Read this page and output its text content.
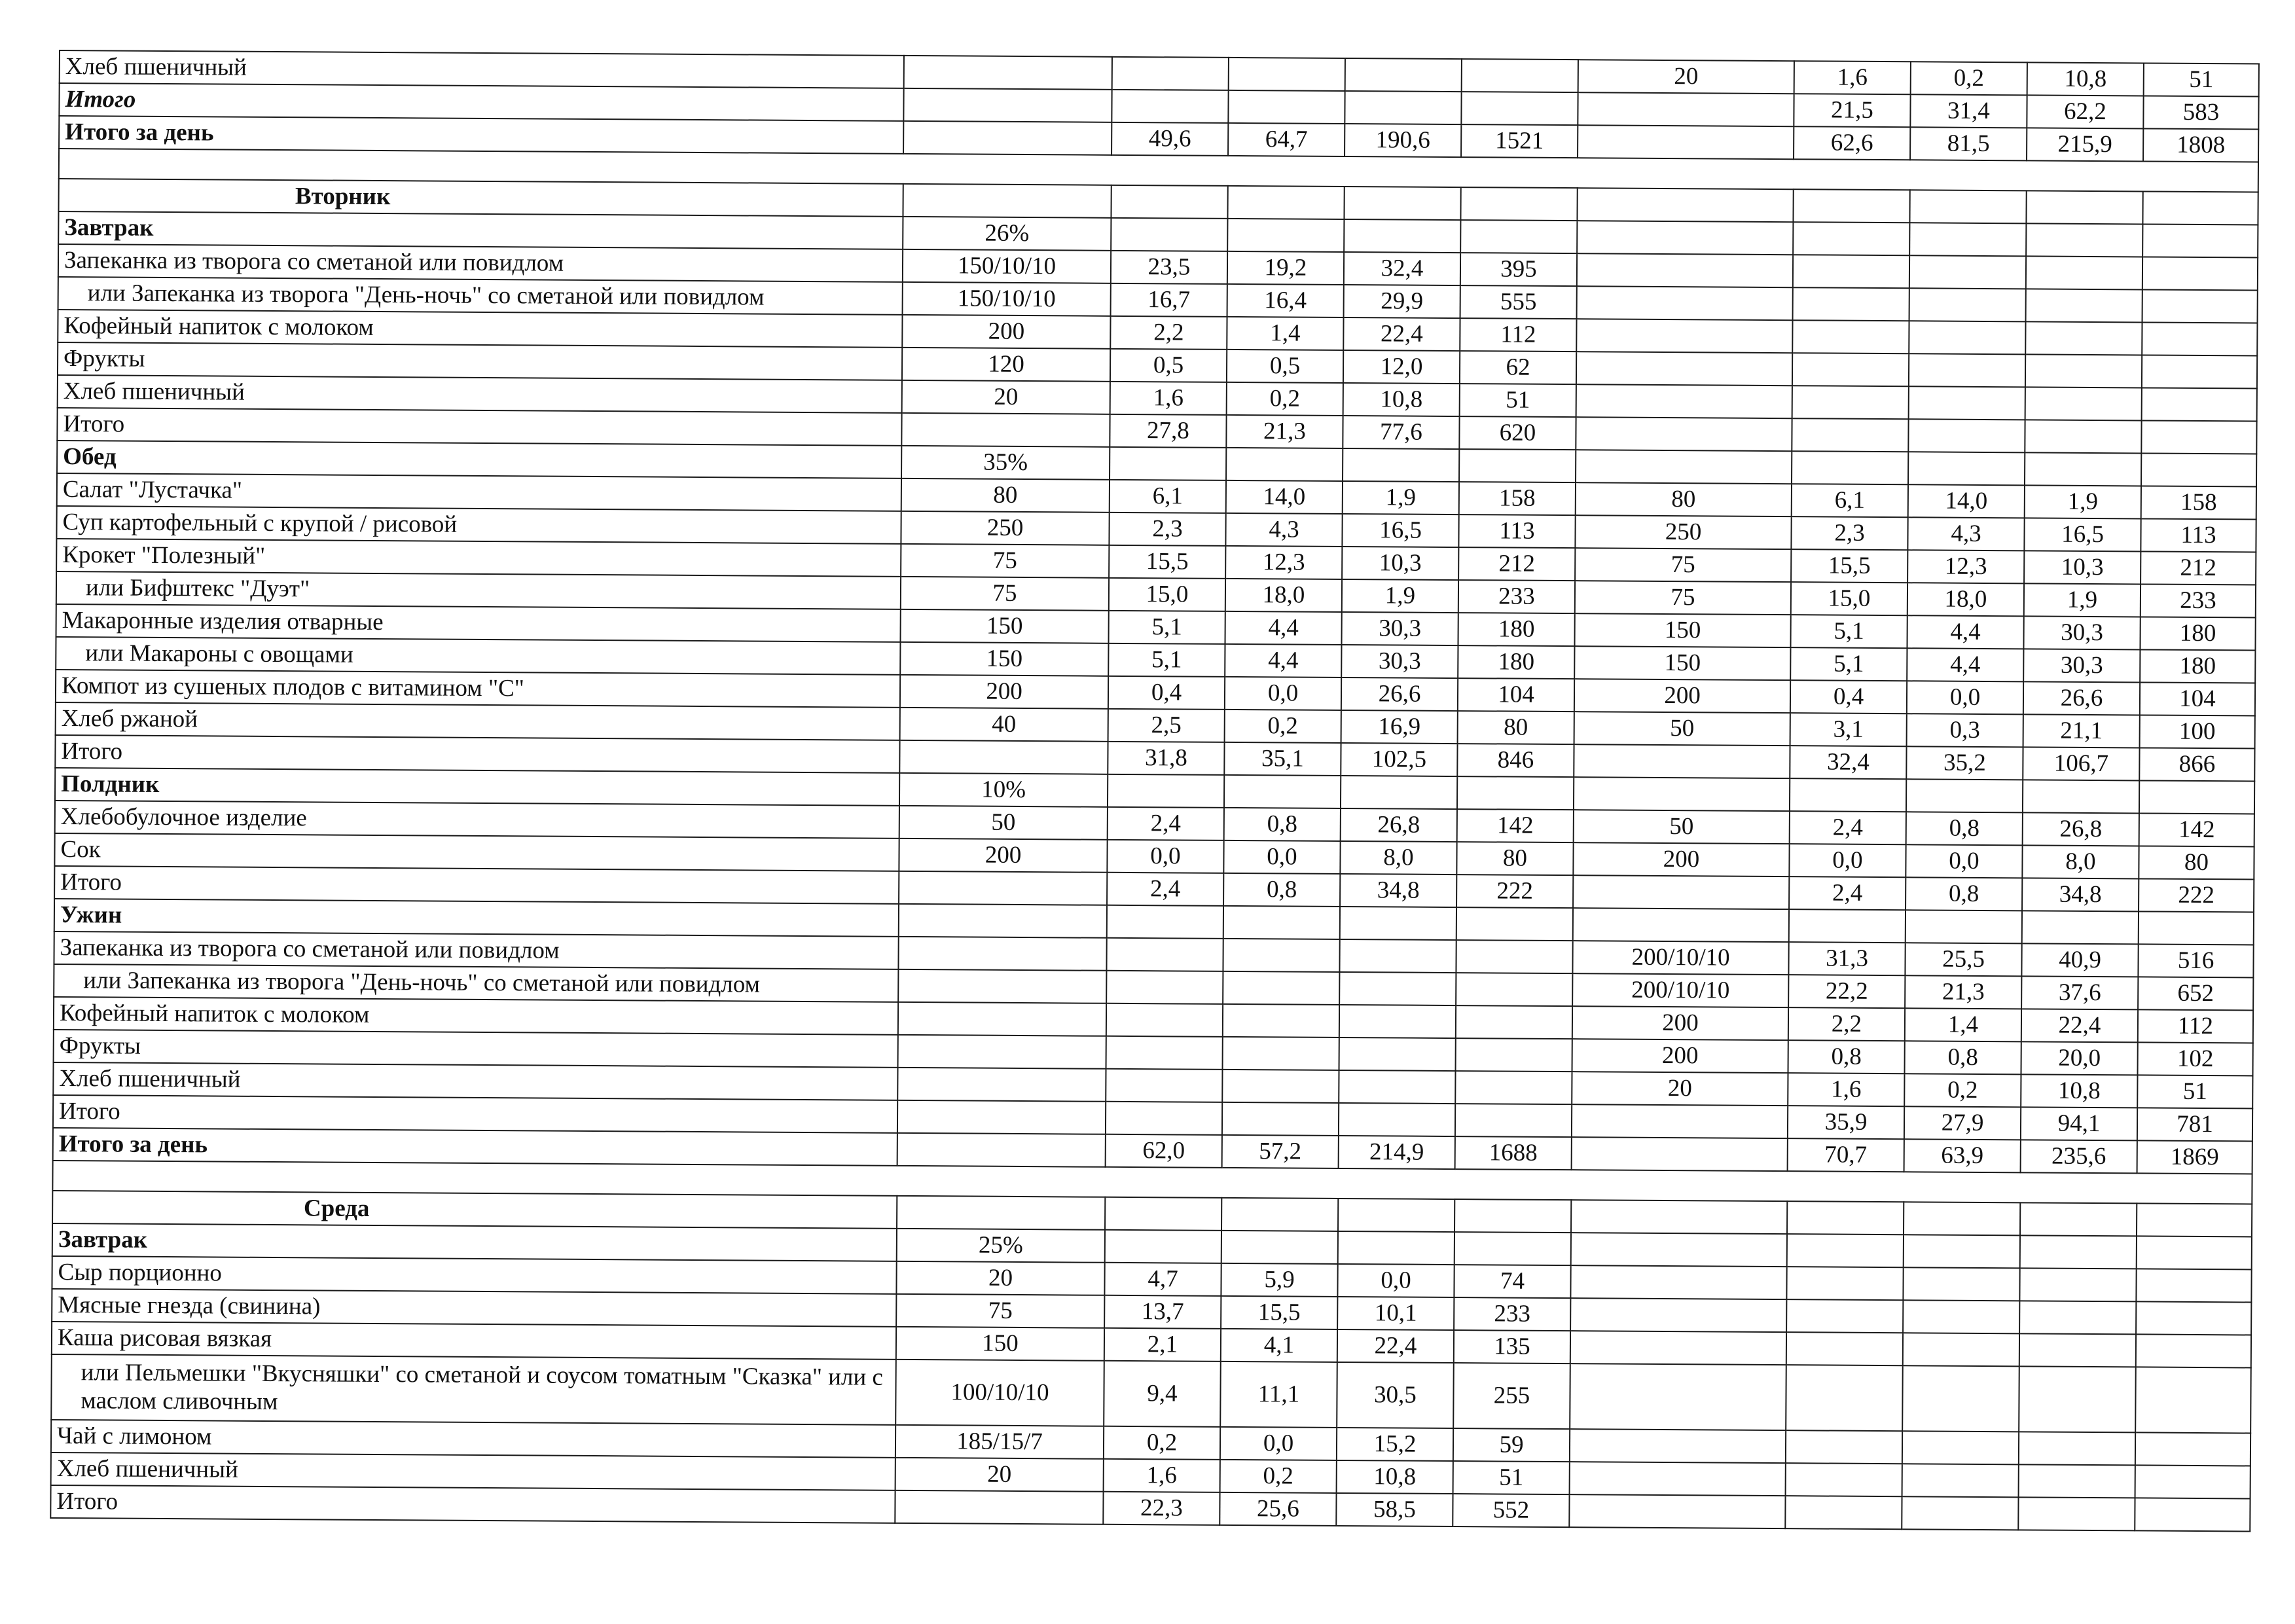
Хлеб пшеничный						20	1,6	0,2	10,8	51
Итого							21,5	31,4	62,2	583
Итого за день		49,6	64,7	190,6	1521		62,6	81,5	215,9	1808

Вторник										
Завтрак	26%									
Запеканка из творога со сметаной или повидлом	150/10/10	23,5	19,2	32,4	395					
или Запеканка из творога "День-ночь" со сметаной или повидлом	150/10/10	16,7	16,4	29,9	555					
Кофейный напиток с молоком	200	2,2	1,4	22,4	112					
Фрукты	120	0,5	0,5	12,0	62					
Хлеб пшеничный	20	1,6	0,2	10,8	51					
Итого		27,8	21,3	77,6	620					
Обед	35%									
Салат "Лустачка"	80	6,1	14,0	1,9	158	80	6,1	14,0	1,9	158
Суп картофельный с крупой / рисовой	250	2,3	4,3	16,5	113	250	2,3	4,3	16,5	113
Крокет "Полезный"	75	15,5	12,3	10,3	212	75	15,5	12,3	10,3	212
или Бифштекс "Дуэт"	75	15,0	18,0	1,9	233	75	15,0	18,0	1,9	233
Макаронные изделия отварные	150	5,1	4,4	30,3	180	150	5,1	4,4	30,3	180
или Макароны с овощами	150	5,1	4,4	30,3	180	150	5,1	4,4	30,3	180
Компот из сушеных плодов с витамином "С"	200	0,4	0,0	26,6	104	200	0,4	0,0	26,6	104
Хлеб ржаной	40	2,5	0,2	16,9	80	50	3,1	0,3	21,1	100
Итого		31,8	35,1	102,5	846		32,4	35,2	106,7	866
Полдник	10%									
Хлебобулочное изделие	50	2,4	0,8	26,8	142	50	2,4	0,8	26,8	142
Сок	200	0,0	0,0	8,0	80	200	0,0	0,0	8,0	80
Итого		2,4	0,8	34,8	222		2,4	0,8	34,8	222
Ужин										
Запеканка из творога со сметаной или повидлом						200/10/10	31,3	25,5	40,9	516
или Запеканка из творога "День-ночь" со сметаной или повидлом						200/10/10	22,2	21,3	37,6	652
Кофейный напиток с молоком						200	2,2	1,4	22,4	112
Фрукты						200	0,8	0,8	20,0	102
Хлеб пшеничный						20	1,6	0,2	10,8	51
Итого							35,9	27,9	94,1	781
Итого за день		62,0	57,2	214,9	1688		70,7	63,9	235,6	1869

Среда										
Завтрак	25%									
Сыр порционно	20	4,7	5,9	0,0	74					
Мясные гнезда (свинина)	75	13,7	15,5	10,1	233					
Каша рисовая вязкая	150	2,1	4,1	22,4	135					
или Пельмешки "Вкусняшки" со сметаной и соусом томатным "Сказка" или с маслом сливочным	100/10/10	9,4	11,1	30,5	255					
Чай с лимоном	185/15/7	0,2	0,0	15,2	59					
Хлеб пшеничный	20	1,6	0,2	10,8	51					
Итого		22,3	25,6	58,5	552					
